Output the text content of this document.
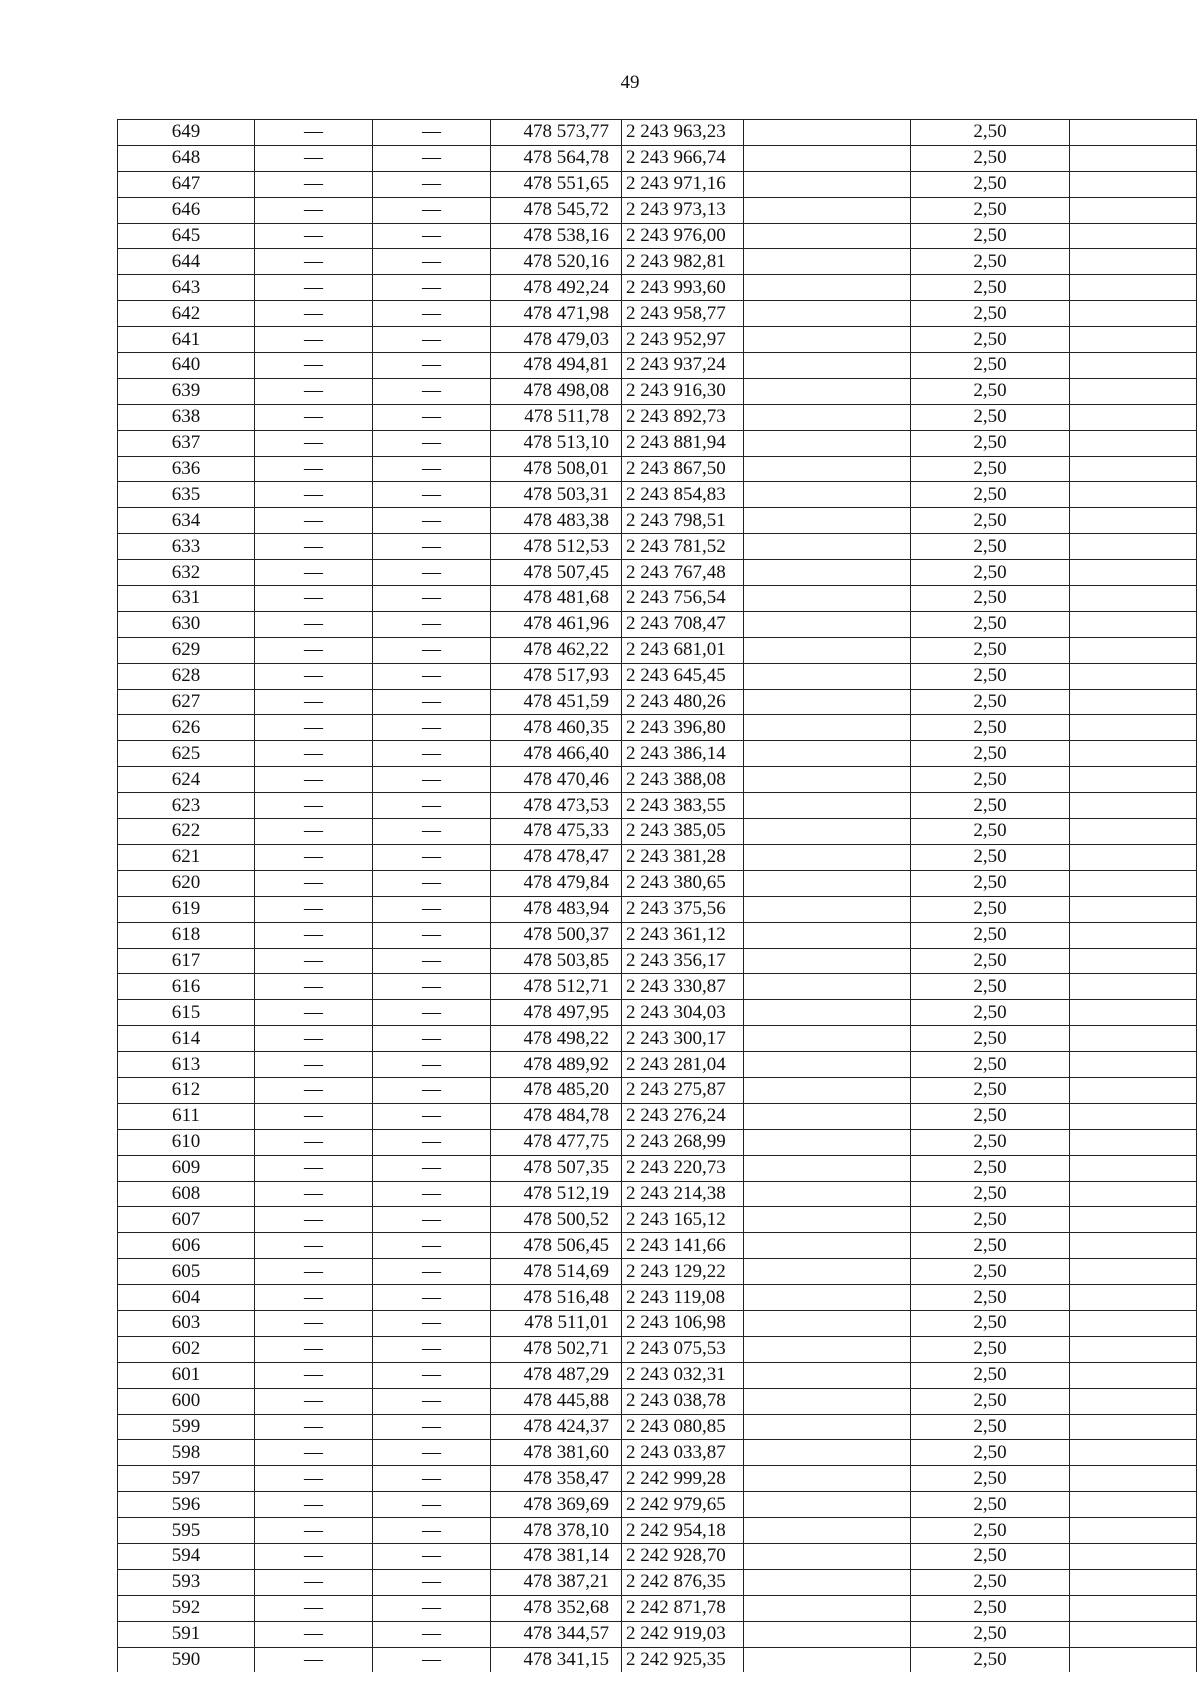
49
649	—	—	478 573,77	2 243 963,23		2,50	
648	—	—	478 564,78	2 243 966,74		2,50	
647	—	—	478 551,65	2 243 971,16		2,50	
646	—	—	478 545,72	2 243 973,13		2,50	
645	—	—	478 538,16	2 243 976,00		2,50	
644	—	—	478 520,16	2 243 982,81		2,50	
643	—	—	478 492,24	2 243 993,60		2,50	
642	—	—	478 471,98	2 243 958,77		2,50	
641	—	—	478 479,03	2 243 952,97		2,50	
640	—	—	478 494,81	2 243 937,24		2,50	
639	—	—	478 498,08	2 243 916,30		2,50	
638	—	—	478 511,78	2 243 892,73		2,50	
637	—	—	478 513,10	2 243 881,94		2,50	
636	—	—	478 508,01	2 243 867,50		2,50	
635	—	—	478 503,31	2 243 854,83		2,50	
634	—	—	478 483,38	2 243 798,51		2,50	
633	—	—	478 512,53	2 243 781,52		2,50	
632	—	—	478 507,45	2 243 767,48		2,50	
631	—	—	478 481,68	2 243 756,54		2,50	
630	—	—	478 461,96	2 243 708,47		2,50	
629	—	—	478 462,22	2 243 681,01		2,50	
628	—	—	478 517,93	2 243 645,45		2,50	
627	—	—	478 451,59	2 243 480,26		2,50	
626	—	—	478 460,35	2 243 396,80		2,50	
625	—	—	478 466,40	2 243 386,14		2,50	
624	—	—	478 470,46	2 243 388,08		2,50	
623	—	—	478 473,53	2 243 383,55		2,50	
622	—	—	478 475,33	2 243 385,05		2,50	
621	—	—	478 478,47	2 243 381,28		2,50	
620	—	—	478 479,84	2 243 380,65		2,50	
619	—	—	478 483,94	2 243 375,56		2,50	
618	—	—	478 500,37	2 243 361,12		2,50	
617	—	—	478 503,85	2 243 356,17		2,50	
616	—	—	478 512,71	2 243 330,87		2,50	
615	—	—	478 497,95	2 243 304,03		2,50	
614	—	—	478 498,22	2 243 300,17		2,50	
613	—	—	478 489,92	2 243 281,04		2,50	
612	—	—	478 485,20	2 243 275,87		2,50	
611	—	—	478 484,78	2 243 276,24		2,50	
610	—	—	478 477,75	2 243 268,99		2,50	
609	—	—	478 507,35	2 243 220,73		2,50	
608	—	—	478 512,19	2 243 214,38		2,50	
607	—	—	478 500,52	2 243 165,12		2,50	
606	—	—	478 506,45	2 243 141,66		2,50	
605	—	—	478 514,69	2 243 129,22		2,50	
604	—	—	478 516,48	2 243 119,08		2,50	
603	—	—	478 511,01	2 243 106,98		2,50	
602	—	—	478 502,71	2 243 075,53		2,50	
601	—	—	478 487,29	2 243 032,31		2,50	
600	—	—	478 445,88	2 243 038,78		2,50	
599	—	—	478 424,37	2 243 080,85		2,50	
598	—	—	478 381,60	2 243 033,87		2,50	
597	—	—	478 358,47	2 242 999,28		2,50	
596	—	—	478 369,69	2 242 979,65		2,50	
595	—	—	478 378,10	2 242 954,18		2,50	
594	—	—	478 381,14	2 242 928,70		2,50	
593	—	—	478 387,21	2 242 876,35		2,50	
592	—	—	478 352,68	2 242 871,78		2,50	
591	—	—	478 344,57	2 242 919,03		2,50	
590	—	—	478 341,15	2 242 925,35		2,50	
